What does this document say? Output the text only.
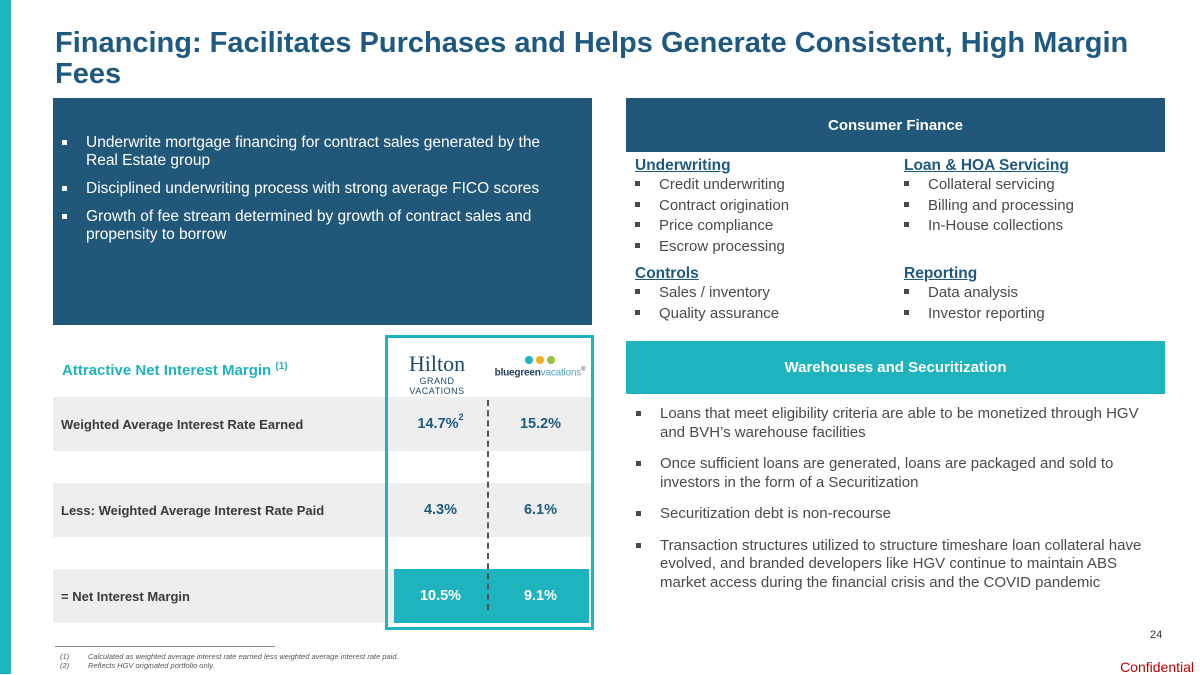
Financing: Facilitates Purchases and Helps Generate Consistent, High Margin Fees
Underwrite mortgage financing for contract sales generated by the Real Estate group
Disciplined underwriting process with strong average FICO scores
Growth of fee stream determined by growth of contract sales and propensity to borrow
Consumer Finance
Underwriting
Credit underwriting
Contract origination
Price compliance
Escrow processing
Loan & HOA Servicing
Collateral servicing
Billing and processing
In-House collections
Controls
Sales / inventory
Quality assurance
Reporting
Data analysis
Investor reporting
Warehouses and Securitization
Loans that meet eligibility criteria are able to be monetized through HGV and BVH’s warehouse facilities
Once sufficient loans are generated, loans are packaged and sold to investors in the form of a Securitization
Securitization debt is non-recourse
Transaction structures utilized to structure timeshare loan collateral have evolved, and branded developers like HGV continue to maintain ABS market access during the financial crisis and the COVID pandemic
Attractive Net Interest Margin $^{(1)}$	Hilton
GRAND VACATIONS
bluegreenvacations®
Weighted Average Interest Rate Earned	14.7%$^2$	15.2%
Less: Weighted Average Interest Rate Paid	4.3%	6.1%
= Net Interest Margin	10.5%	9.1%
(1)	Calculated as weighted average interest rate earned less weighted average interest rate paid.
(2)	Reflects HGV originated portfolio only.
24
Confidential
